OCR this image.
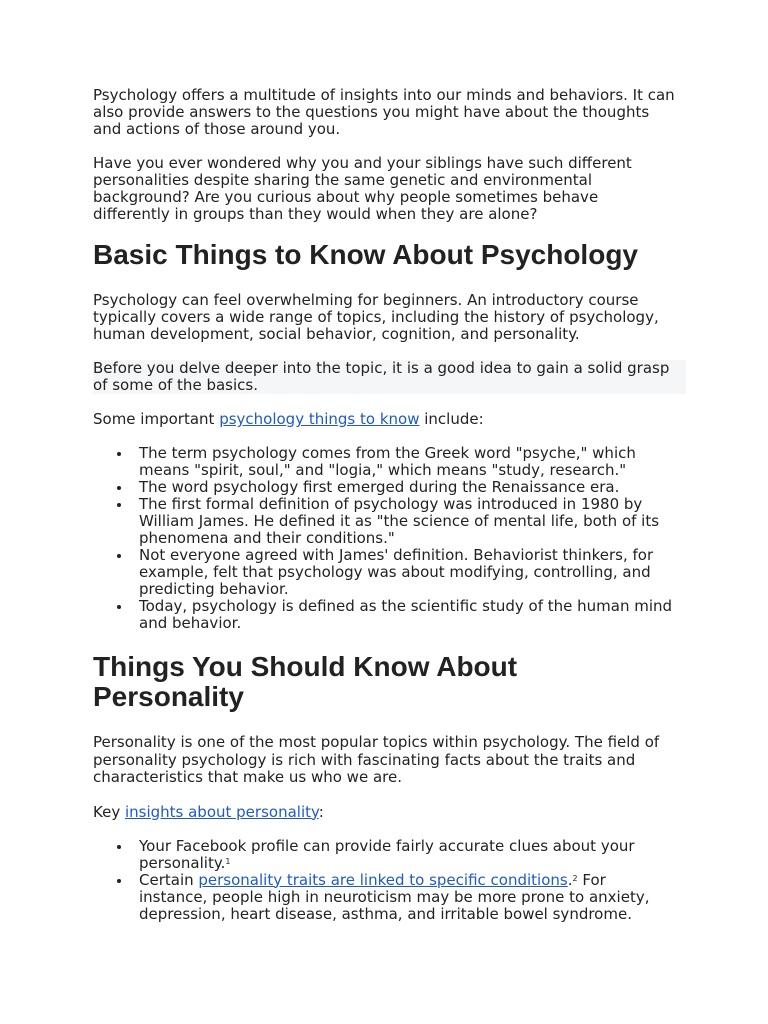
Psychology offers a multitude of insights into our minds and behaviors. It can also provide answers to the questions you might have about the thoughts and actions of those around you.

Have you ever wondered why you and your siblings have such different personalities despite sharing the same genetic and environmental background? Are you curious about why people sometimes behave differently in groups than they would when they are alone?

Basic Things to Know About Psychology

Psychology can feel overwhelming for beginners. An introductory course typically covers a wide range of topics, including the history of psychology, human development, social behavior, cognition, and personality.

Before you delve deeper into the topic, it is a good idea to gain a solid grasp of some of the basics.

Some important psychology things to know include:

The term psychology comes from the Greek word "psyche," which means "spirit, soul," and "logia," which means "study, research."
The word psychology first emerged during the Renaissance era.
The first formal definition of psychology was introduced in 1980 by William James. He defined it as "the science of mental life, both of its phenomena and their conditions."
Not everyone agreed with James' definition. Behaviorist thinkers, for example, felt that psychology was about modifying, controlling, and predicting behavior.
Today, psychology is defined as the scientific study of the human mind and behavior.
Things You Should Know About
Personality

Personality is one of the most popular topics within psychology. The field of personality psychology is rich with fascinating facts about the traits and characteristics that make us who we are.

Key insights about personality:

Your Facebook profile can provide fairly accurate clues about your personality.$^1$
Certain personality traits are linked to specific conditions.$^2$ For instance, people high in neuroticism may be more prone to anxiety, depression, heart disease, asthma, and irritable bowel syndrome.
